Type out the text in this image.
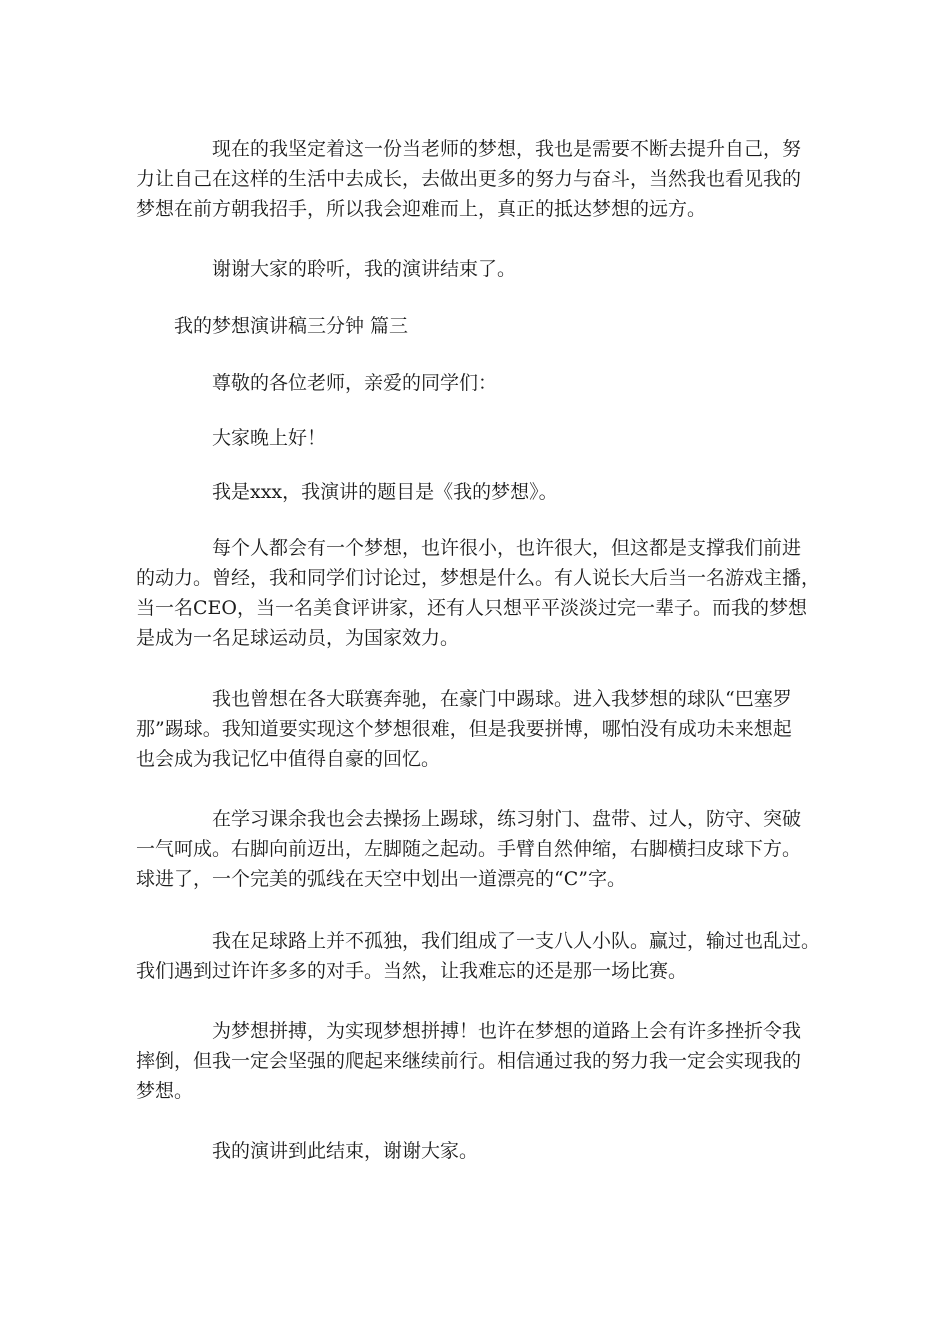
现在的我坚定着这一份当老师的梦想，我也是需要不断去提升自己，努
力让自己在这样的生活中去成长，去做出更多的努力与奋斗，当然我也看见我的
梦想在前方朝我招手，所以我会迎难而上，真正的抵达梦想的远方。

谢谢大家的聆听，我的演讲结束了。

我的梦想演讲稿三分钟 篇三

尊敬的各位老师，亲爱的同学们：

大家晚上好！

我是xxx，我演讲的题目是《我的梦想》。

每个人都会有一个梦想，也许很小，也许很大，但这都是支撑我们前进
的动力。曾经，我和同学们讨论过，梦想是什么。有人说长大后当一名游戏主播，
当一名CEO，当一名美食评讲家，还有人只想平平淡淡过完一辈子。而我的梦想
是成为一名足球运动员，为国家效力。

我也曾想在各大联赛奔驰，在豪门中踢球。进入我梦想的球队“巴塞罗
那”踢球。我知道要实现这个梦想很难，但是我要拼博，哪怕没有成功未来想起
也会成为我记忆中值得自豪的回忆。

在学习课余我也会去操扬上踢球，练习射门、盘带、过人，防守、突破
一气呵成。右脚向前迈出，左脚随之起动。手臂自然伸缩，右脚横扫皮球下方。
球进了，一个完美的弧线在天空中划出一道漂亮的“C”字。

我在足球路上并不孤独，我们组成了一支八人小队。赢过，输过也乱过。
我们遇到过许许多多的对手。当然，让我难忘的还是那一场比赛。

为梦想拼搏，为实现梦想拼搏！也许在梦想的道路上会有许多挫折令我
摔倒，但我一定会坚强的爬起来继续前行。相信通过我的努力我一定会实现我的
梦想。

我的演讲到此结束，谢谢大家。
